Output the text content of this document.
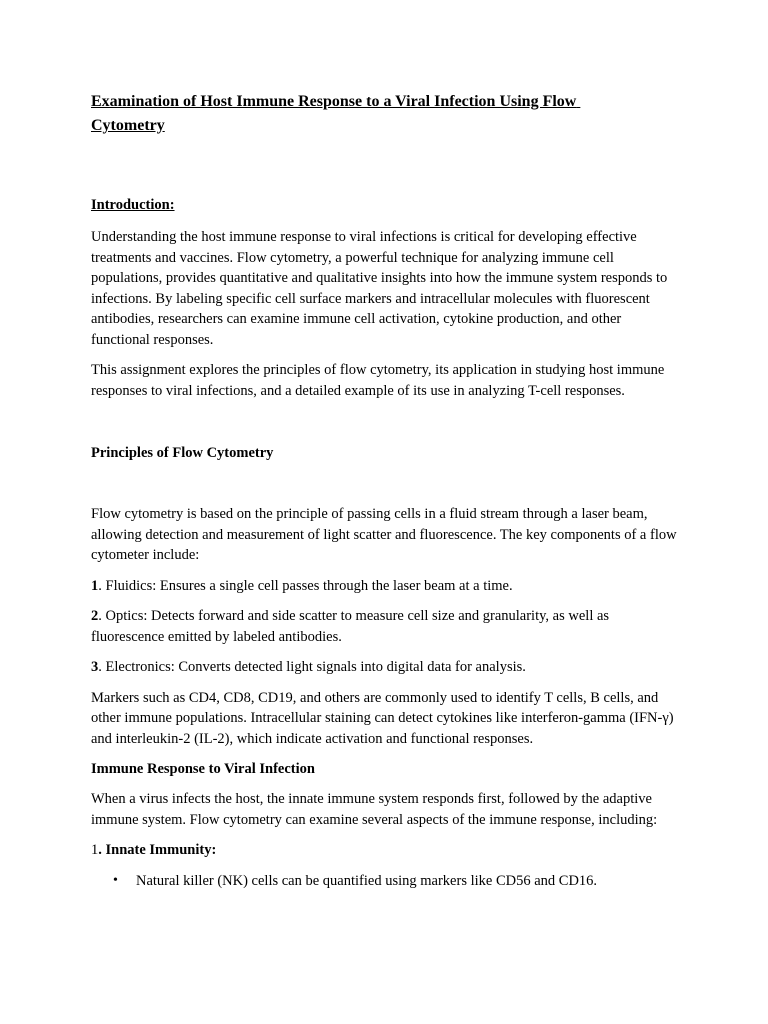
Examination of Host Immune Response to a Viral Infection Using Flow Cytometry
Introduction:

Understanding the host immune response to viral infections is critical for developing effective treatments and vaccines. Flow cytometry, a powerful technique for analyzing immune cell populations, provides quantitative and qualitative insights into how the immune system responds to infections. By labeling specific cell surface markers and intracellular molecules with fluorescent antibodies, researchers can examine immune cell activation, cytokine production, and other functional responses.

This assignment explores the principles of flow cytometry, its application in studying host immune responses to viral infections, and a detailed example of its use in analyzing T-cell responses.

Principles of Flow Cytometry

Flow cytometry is based on the principle of passing cells in a fluid stream through a laser beam, allowing detection and measurement of light scatter and fluorescence. The key components of a flow cytometer include:

1. Fluidics: Ensures a single cell passes through the laser beam at a time.
2. Optics: Detects forward and side scatter to measure cell size and granularity, as well as fluorescence emitted by labeled antibodies.
3. Electronics: Converts detected light signals into digital data for analysis.

Markers such as CD4, CD8, CD19, and others are commonly used to identify T cells, B cells, and other immune populations. Intracellular staining can detect cytokines like interferon-gamma (IFN-γ) and interleukin-2 (IL-2), which indicate activation and functional responses.

Immune Response to Viral Infection

When a virus infects the host, the innate immune system responds first, followed by the adaptive immune system. Flow cytometry can examine several aspects of the immune response, including:

1. Innate Immunity:
• Natural killer (NK) cells can be quantified using markers like CD56 and CD16.
